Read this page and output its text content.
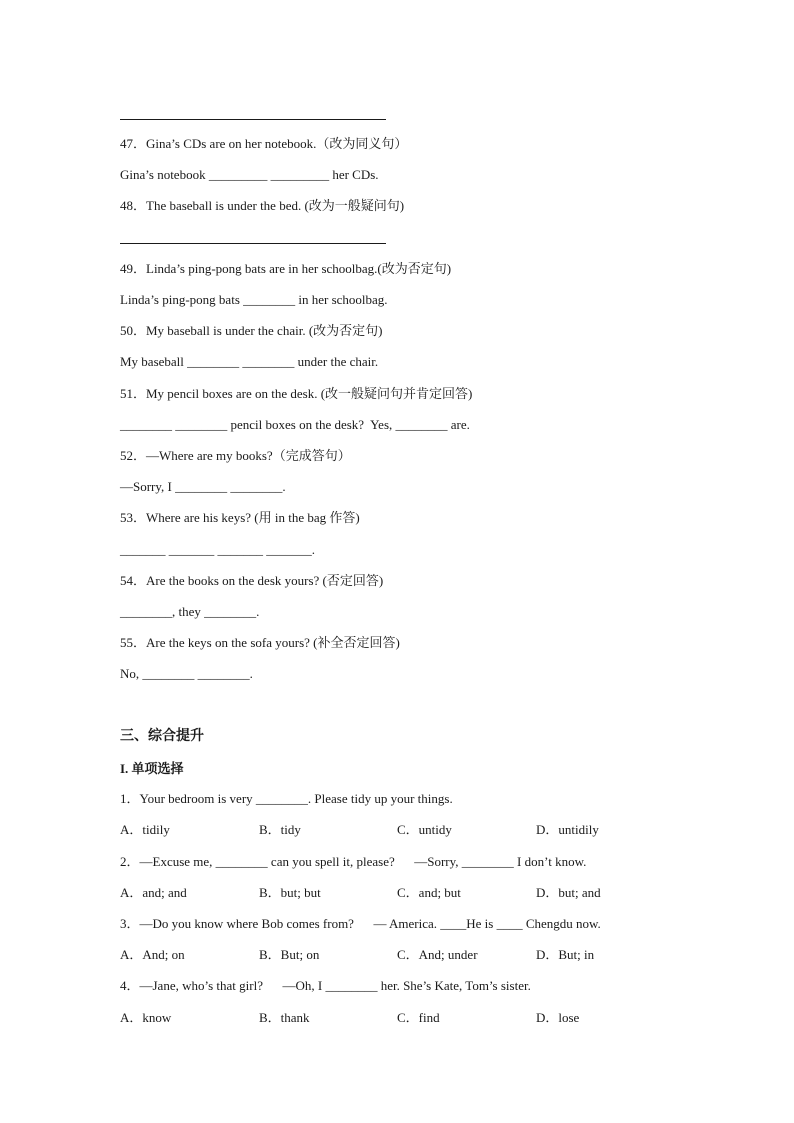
47．Gina’s CDs are on her notebook.（改为同义句）
Gina’s notebook _________ _________ her CDs.
48．The baseball is under the bed. (改为一般疑问句)
49．Linda’s ping-pong bats are in her schoolbag.(改为否定句)
Linda’s ping-pong bats ________ in her schoolbag.
50．My baseball is under the chair. (改为否定句)
My baseball ________ ________ under the chair.
51．My pencil boxes are on the desk. (改一般疑问句并肯定回答)
________ ________ pencil boxes on the desk?  Yes, ________ are.
52．—Where are my books?（完成答句）
—Sorry, I ________ ________.
53．Where are his keys? (用 in the bag 作答)
_______ _______ _______ _______.
54．Are the books on the desk yours? (否定回答)
________, they ________.
55．Are the keys on the sofa yours? (补全否定回答)
No, ________ ________.
三、综合提升
I. 单项选择
1．Your bedroom is very ________. Please tidy up your things.
A．tidily	B．tidy	C．untidy	D．untidily
2．—Excuse me, ________ can you spell it, please?      —Sorry, ________ I don’t know.
A．and; and	B．but; but	C．and; but	D．but; and
3．—Do you know where Bob comes from?      — America. ____He is ____ Chengdu now.
A．And; on	B．But; on	C．And; under	D．But; in
4．—Jane, who’s that girl?      —Oh, I ________ her. She’s Kate, Tom’s sister.
A．know	B．thank	C．find	D．lose
